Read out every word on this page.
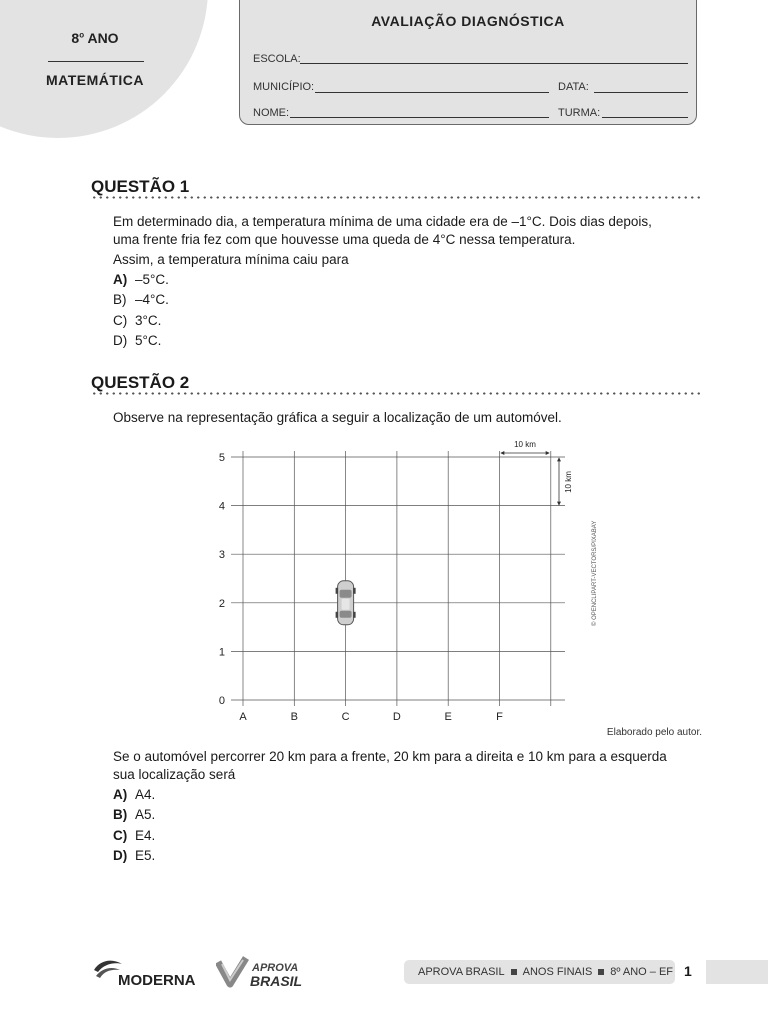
8$^o$ ANO
MATEMÁTICA
AVALIAÇÃO DIAGNÓSTICA
ESCOLA:
MUNICÍPIO:	DATA:
NOME:	TURMA:
QUESTÃO 1
Em determinado dia, a temperatura mínima de uma cidade era de –1°C. Dois dias depois,
uma frente fria fez com que houvesse uma queda de 4°C nessa temperatura.
Assim, a temperatura mínima caiu para
A) –5°C.
B) –4°C.
C) 3°C.
D) 5°C.
QUESTÃO 2
Observe na representação gráfica a seguir a localização de um automóvel.
A	B	C	D	E	F
0
1
2
3
4
5
10 km
10 km
© OPENCLIPART-VECTORS/PIXABAY
Elaborado pelo autor.
Se o automóvel percorrer 20 km para a frente, 20 km para a direita e 10 km para a esquerda
sua localização será
A) A4.
B) A5.
C) E4.
D) E5.
MODERNA
APROVA
BRASIL
APROVA BRASIL ANOS FINAIS 8 º ANO – EF 1
